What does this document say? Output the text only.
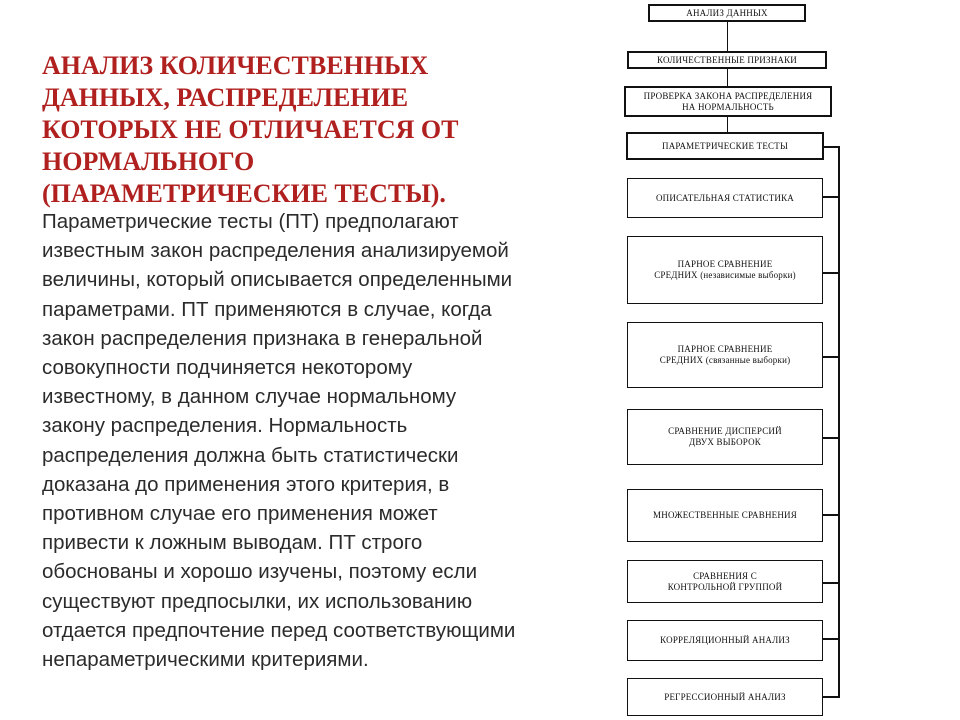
АНАЛИЗ КОЛИЧЕСТВЕННЫХ
ДАННЫХ, РАСПРЕДЕЛЕНИЕ
КОТОРЫХ НЕ ОТЛИЧАЕТСЯ ОТ
НОРМАЛЬНОГО
(ПАРАМЕТРИЧЕСКИЕ ТЕСТЫ).
Параметрические тесты (ПТ) предполагают
известным закон распределения анализируемой
величины, который описывается определенными
параметрами. ПТ применяются в случае, когда
закон распределения признака в генеральной
совокупности подчиняется некоторому
известному, в данном случае нормальному
закону распределения. Нормальность
распределения должна быть статистически
доказана до применения этого критерия, в
противном случае его применения может
привести к ложным выводам. ПТ строго
обоснованы и хорошо изучены, поэтому если
существуют предпосылки, их использованию
отдается предпочтение перед соответствующими
непараметрическими критериями.
АНАЛИЗ ДАННЫХ
КОЛИЧЕСТВЕННЫЕ ПРИЗНАКИ
ПРОВЕРКА ЗАКОНА РАСПРЕДЕЛЕНИЯ
НА НОРМАЛЬНОСТЬ
ПАРАМЕТРИЧЕСКИЕ ТЕСТЫ
ОПИСАТЕЛЬНАЯ СТАТИСТИКА
ПАРНОЕ СРАВНЕНИЕ
СРЕДНИХ (независимые выборки)
ПАРНОЕ СРАВНЕНИЕ
СРЕДНИХ (связанные выборки)
СРАВНЕНИЕ ДИСПЕРСИЙ
ДВУХ ВЫБОРОК
МНОЖЕСТВЕННЫЕ СРАВНЕНИЯ
СРАВНЕНИЯ С
КОНТРОЛЬНОЙ ГРУППОЙ
КОРРЕЛЯЦИОННЫЙ АНАЛИЗ
РЕГРЕССИОННЫЙ АНАЛИЗ
